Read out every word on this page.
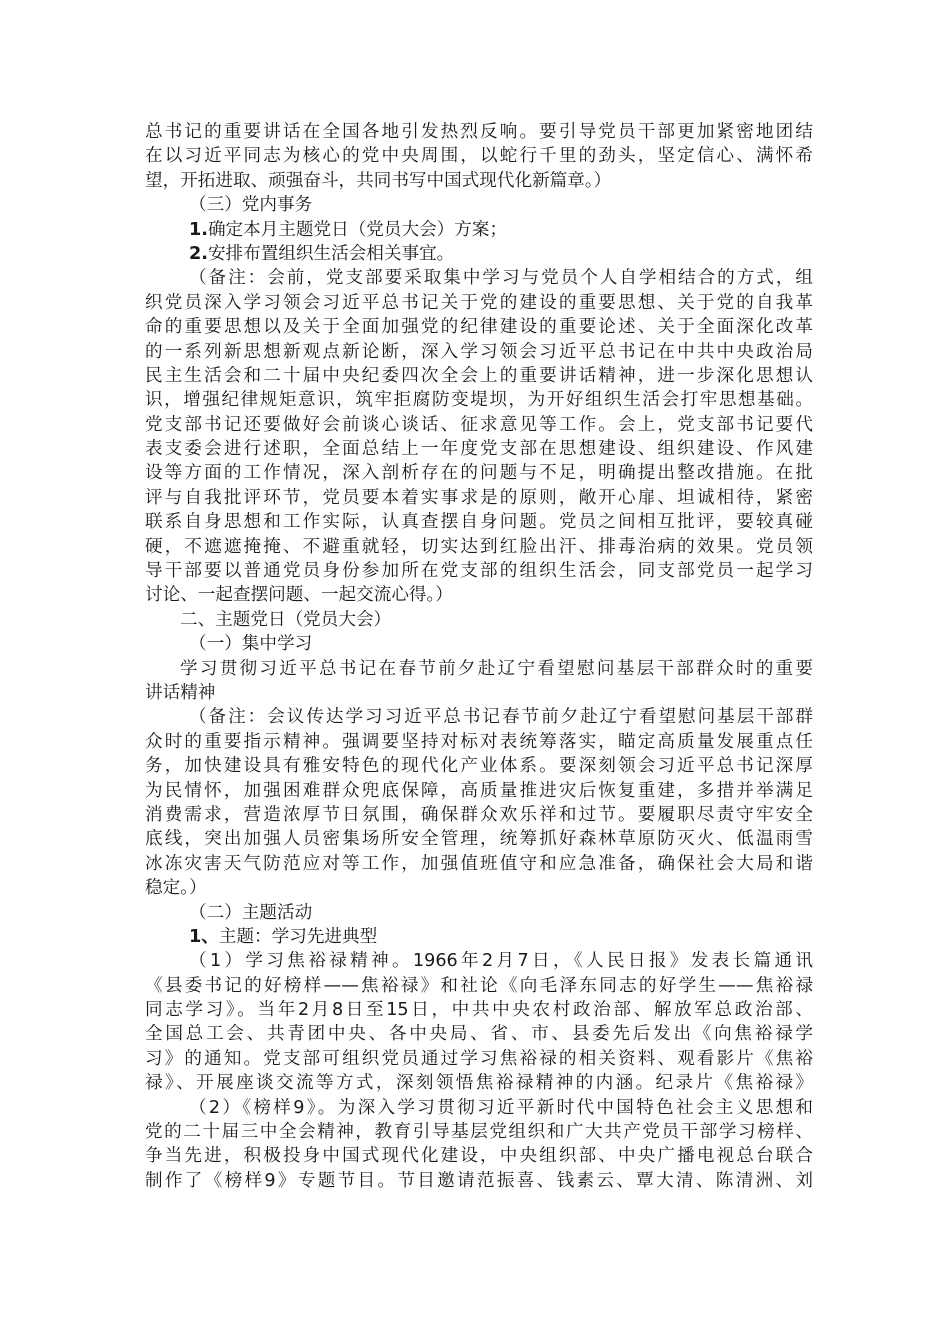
总书记的重要讲话在全国各地引发热烈反响。要引导党员干部更加紧密地团结
在以习近平同志为核心的党中央周围，以蛇行千里的劲头，坚定信心、满怀希
望，开拓进取、顽强奋斗，共同书写中国式现代化新篇章。）
（三）党内事务
1.确定本月主题党日（党员大会）方案；
2.安排布置组织生活会相关事宜。
（备注：会前，党支部要采取集中学习与党员个人自学相结合的方式，组
织党员深入学习领会习近平总书记关于党的建设的重要思想、关于党的自我革
命的重要思想以及关于全面加强党的纪律建设的重要论述、关于全面深化改革
的一系列新思想新观点新论断，深入学习领会习近平总书记在中共中央政治局
民主生活会和二十届中央纪委四次全会上的重要讲话精神，进一步深化思想认
识，增强纪律规矩意识，筑牢拒腐防变堤坝，为开好组织生活会打牢思想基础。
党支部书记还要做好会前谈心谈话、征求意见等工作。会上，党支部书记要代
表支委会进行述职，全面总结上一年度党支部在思想建设、组织建设、作风建
设等方面的工作情况，深入剖析存在的问题与不足，明确提出整改措施。在批
评与自我批评环节，党员要本着实事求是的原则，敞开心扉、坦诚相待，紧密
联系自身思想和工作实际，认真查摆自身问题。党员之间相互批评，要较真碰
硬，不遮遮掩掩、不避重就轻，切实达到红脸出汗、排毒治病的效果。党员领
导干部要以普通党员身份参加所在党支部的组织生活会，同支部党员一起学习
讨论、一起查摆问题、一起交流心得。）
二、主题党日（党员大会）
（一）集中学习
学习贯彻习近平总书记在春节前夕赴辽宁看望慰问基层干部群众时的重要
讲话精神
（备注：会议传达学习习近平总书记春节前夕赴辽宁看望慰问基层干部群
众时的重要指示精神。强调要坚持对标对表统筹落实，瞄定高质量发展重点任
务，加快建设具有雅安特色的现代化产业体系。要深刻领会习近平总书记深厚
为民情怀，加强困难群众兜底保障，高质量推进灾后恢复重建，多措并举满足
消费需求，营造浓厚节日氛围，确保群众欢乐祥和过节。要履职尽责守牢安全
底线，突出加强人员密集场所安全管理，统筹抓好森林草原防灭火、低温雨雪
冰冻灾害天气防范应对等工作，加强值班值守和应急准备，确保社会大局和谐
稳定。）
（二）主题活动
1、主题：学习先进典型
（1）学习焦裕禄精神。1966年2月7日，《人民日报》发表长篇通讯
《县委书记的好榜样——焦裕禄》和社论《向毛泽东同志的好学生——焦裕禄
同志学习》。当年2月8日至15日，中共中央农村政治部、解放军总政治部、
全国总工会、共青团中央、各中央局、省、市、县委先后发出《向焦裕禄学
习》的通知。党支部可组织党员通过学习焦裕禄的相关资料、观看影片《焦裕
禄》、开展座谈交流等方式，深刻领悟焦裕禄精神的内涵。纪录片《焦裕禄》
（2）《榜样9》。为深入学习贯彻习近平新时代中国特色社会主义思想和
党的二十届三中全会精神，教育引导基层党组织和广大共产党员干部学习榜样、
争当先进，积极投身中国式现代化建设，中央组织部、中央广播电视总台联合
制作了《榜样9》专题节目。节目邀请范振喜、钱素云、覃大清、陈清洲、刘
